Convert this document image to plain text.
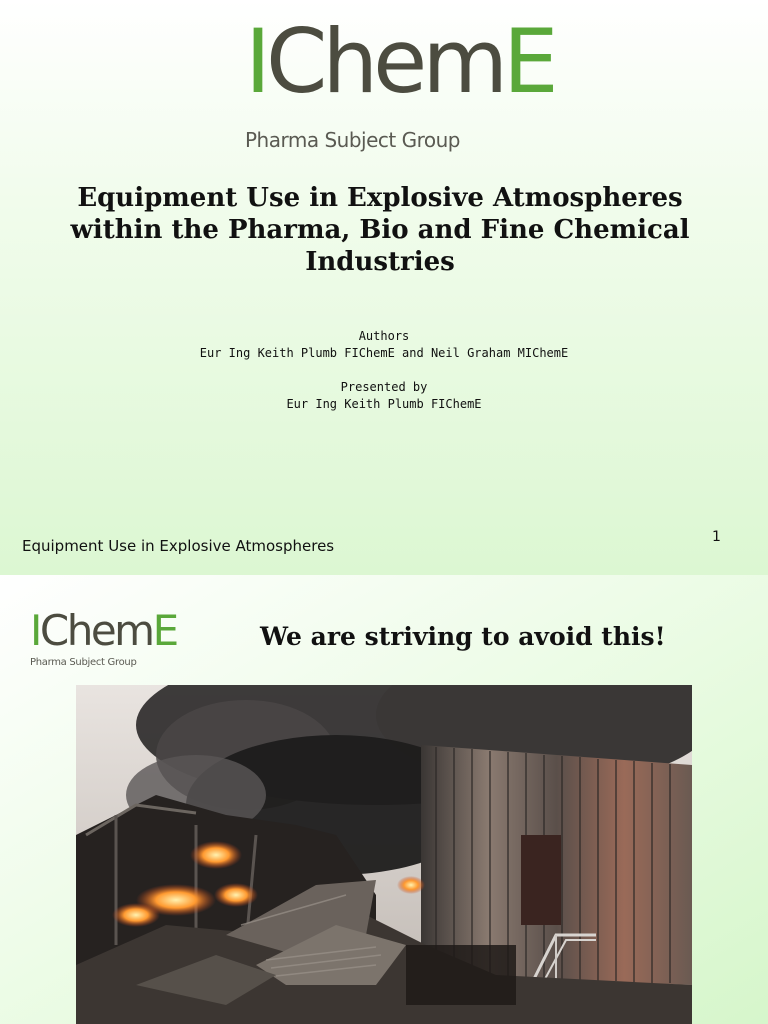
IChemE
Pharma Subject Group
Equipment Use in Explosive Atmospheres
within the Pharma, Bio and Fine Chemical
Industries
Authors
Eur Ing Keith Plumb FIChemE and Neil Graham MIChemE
Presented by
Eur Ing Keith Plumb FIChemE
Equipment Use in Explosive Atmospheres	1
IChemE
Pharma Subject Group
We are striving to avoid this!
